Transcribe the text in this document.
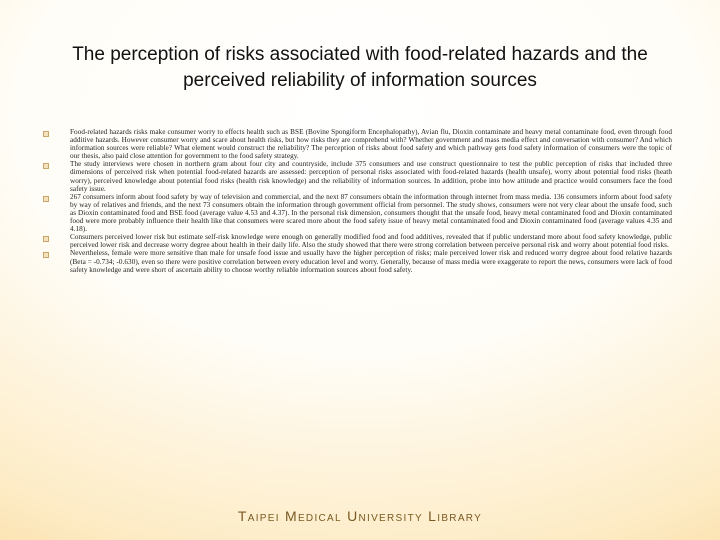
The perception of risks associated with food-related hazards and the
perceived reliability of information sources
Food-related hazards risks make consumer worry to effects health such as BSE (Bovine Spongiform Encephalopathy), Avian flu, Dioxin contaminate and heavy metal contaminate food, even through food additive hazards. However consumer worry and scare about health risks, but how risks they are comprehend with? Whether government and mass media effect and conversation with consumer? And which information sources were reliable? What element would construct the reliability? The perception of risks about food safety and which pathway gets food safety information of consumers were the topic of our thesis, also paid close attention for government to the food safety strategy.
The study interviews were chosen in northern gram about four city and countryside, include 375 consumers and use construct questionnaire to test the public perception of risks that included three dimensions of perceived risk when potential food-related hazards are assessed: perception of personal risks associated with food-related hazards (health unsafe), worry about potential food risks (heath worry), perceived knowledge about potential food risks (health risk knowledge) and the reliability of information sources. In addition, probe into how attitude and practice would consumers face the food safety issue.
267 consumers inform about food safety by way of television and commercial, and the next 87 consumers obtain the information through internet from mass media. 136 consumers inform about food safety by way of relatives and friends, and the next 73 consumers obtain the information through government official from personnel. The study shows, consumers were not very clear about the unsafe food, such as Dioxin contaminated food and BSE food (average value 4.53 and 4.37). In the personal risk dimension, consumers thought that the unsafe food, heavy metal contaminated food and Dioxin contaminated food were more probably influence their health like that consumers were scared more about the food safety issue of heavy metal contaminated food and Dioxin contaminated food (average values 4.35 and 4.18).
Consumers perceived lower risk but estimate self-risk knowledge were enough on generally modified food and food additives, revealed that if public understand more about food safety knowledge, public perceived lower risk and decrease worry degree about health in their daily life. Also the study showed that there were strong correlation between perceive personal risk and worry about potential food risks.
Nevertheless, female were more sensitive than male for unsafe food issue and usually have the higher perception of risks; male perceived lower risk and reduced worry degree about food relative hazards (Beta = -0.734; -0.630), even so there were positive correlation between every education level and worry. Generally, because of mass media were exaggerate to report the news, consumers were lack of food safety knowledge and were short of ascertain ability to choose worthy reliable information sources about food safety.
Taipei Medical University Library
